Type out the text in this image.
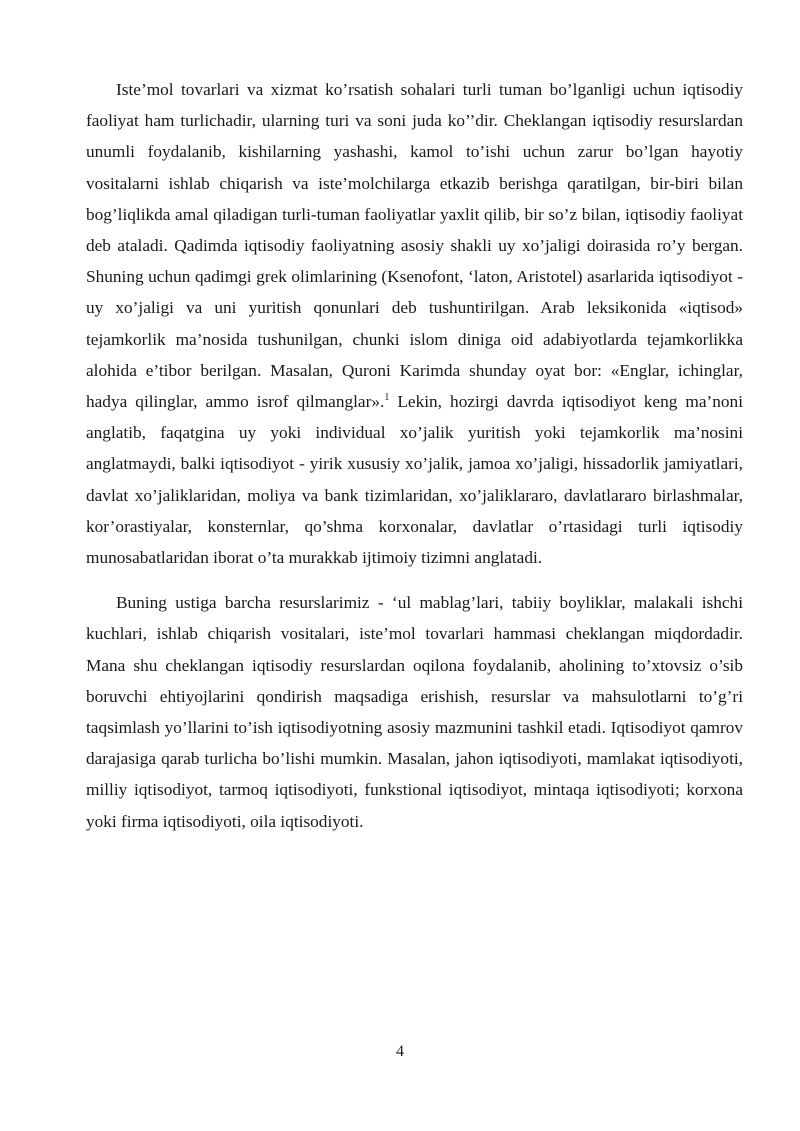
Iste’mol tovarlari va xizmat ko’rsatish sohalari turli tuman bo’lganligi uchun iqtisodiy faoliyat ham turlichadir, ularning turi va soni juda ko’’dir. Cheklangan iqtisodiy resurslardan unumli foydalanib, kishilarning yashashi, kamol to’ishi uchun zarur bo’lgan hayotiy vositalarni ishlab chiqarish va iste’molchilarga etkazib berishga qaratilgan, bir-biri bilan bog’liqlikda amal qiladigan turli-tuman faoliyatlar yaxlit qilib, bir so’z bilan, iqtisodiy faoliyat deb ataladi. Qadimda iqtisodiy faoliyatning asosiy shakli uy xo’jaligi doirasida ro’y bergan. Shuning uchun qadimgi grek olimlarining (Ksenofont, ‘laton, Aristotel) asarlarida iqtisodiyot - uy xo’jaligi va uni yuritish qonunlari deb tushuntirilgan. Arab leksikonida «iqtisod» tejamkorlik ma’nosida tushunilgan, chunki islom diniga oid adabiyotlarda tejamkorlikka alohida e’tibor berilgan. Masalan, Quroni Karimda shunday oyat bor: «Englar, ichinglar, hadya qilinglar, ammo isrof qilmanglar».$^1$ Lekin, hozirgi davrda iqtisodiyot keng ma’noni anglatib, faqatgina uy yoki individual xo’jalik yuritish yoki tejamkorlik ma’nosini anglatmaydi, balki iqtisodiyot - yirik xususiy xo’jalik, jamoa xo’jaligi, hissadorlik jamiyatlari, davlat xo’jaliklaridan, moliya va bank tizimlaridan, xo’jaliklararo, davlatlararo birlashmalar, kor’orastiyalar, konsternlar, qo’shma korxonalar, davlatlar o’rtasidagi turli iqtisodiy munosabatlaridan iborat o’ta murakkab ijtimoiy tizimni anglatadi.

Buning ustiga barcha resurslarimiz - ‘ul mablag’lari, tabiiy boyliklar, malakali ishchi kuchlari, ishlab chiqarish vositalari, iste’mol tovarlari hammasi cheklangan miqdordadir. Mana shu cheklangan iqtisodiy resurslardan oqilona foydalanib, aholining to’xtovsiz o’sib boruvchi ehtiyojlarini qondirish maqsadiga erishish, resurslar va mahsulotlarni to’g’ri taqsimlash yo’llarini to’ish iqtisodiyotning asosiy mazmunini tashkil etadi. Iqtisodiyot qamrov darajasiga qarab turlicha bo’lishi mumkin. Masalan, jahon iqtisodiyoti, mamlakat iqtisodiyoti, milliy iqtisodiyot, tarmoq iqtisodiyoti, funkstional iqtisodiyot, mintaqa iqtisodiyoti; korxona yoki firma iqtisodiyoti, oila iqtisodiyoti.

4
